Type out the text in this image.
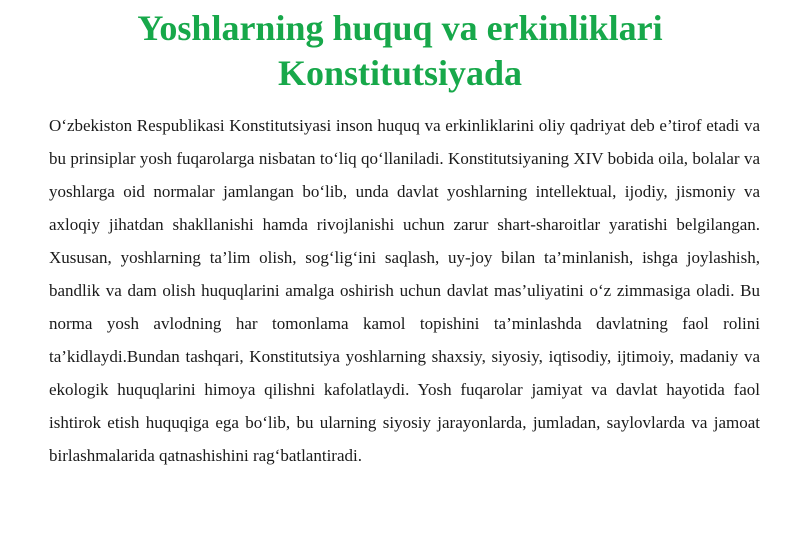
Yoshlarning huquq va erkinliklari Konstitutsiyada

O‘zbekiston Respublikasi Konstitutsiyasi inson huquq va erkinliklarini oliy qadriyat deb e’tirof etadi va bu prinsiplar yosh fuqarolarga nisbatan to‘liq qo‘llaniladi. Konstitutsiyaning XIV bobida oila, bolalar va yoshlarga oid normalar jamlangan bo‘lib, unda davlat yoshlarning intellektual, ijodiy, jismoniy va axloqiy jihatdan shakllanishi hamda rivojlanishi uchun zarur shart-sharoitlar yaratishi belgilangan. Xususan, yoshlarning ta’lim olish, sog‘lig‘ini saqlash, uy-joy bilan ta’minlanish, ishga joylashish, bandlik va dam olish huquqlarini amalga oshirish uchun davlat mas’uliyatini o‘z zimmasiga oladi. Bu norma yosh avlodning har tomonlama kamol topishini ta’minlashda davlatning faol rolini ta’kidlaydi.Bundan tashqari, Konstitutsiya yoshlarning shaxsiy, siyosiy, iqtisodiy, ijtimoiy, madaniy va ekologik huquqlarini himoya qilishni kafolatlaydi. Yosh fuqarolar jamiyat va davlat hayotida faol ishtirok etish huquqiga ega bo‘lib, bu ularning siyosiy jarayonlarda, jumladan, saylovlarda va jamoat birlashmalarida qatnashishini rag‘batlantiradi.
